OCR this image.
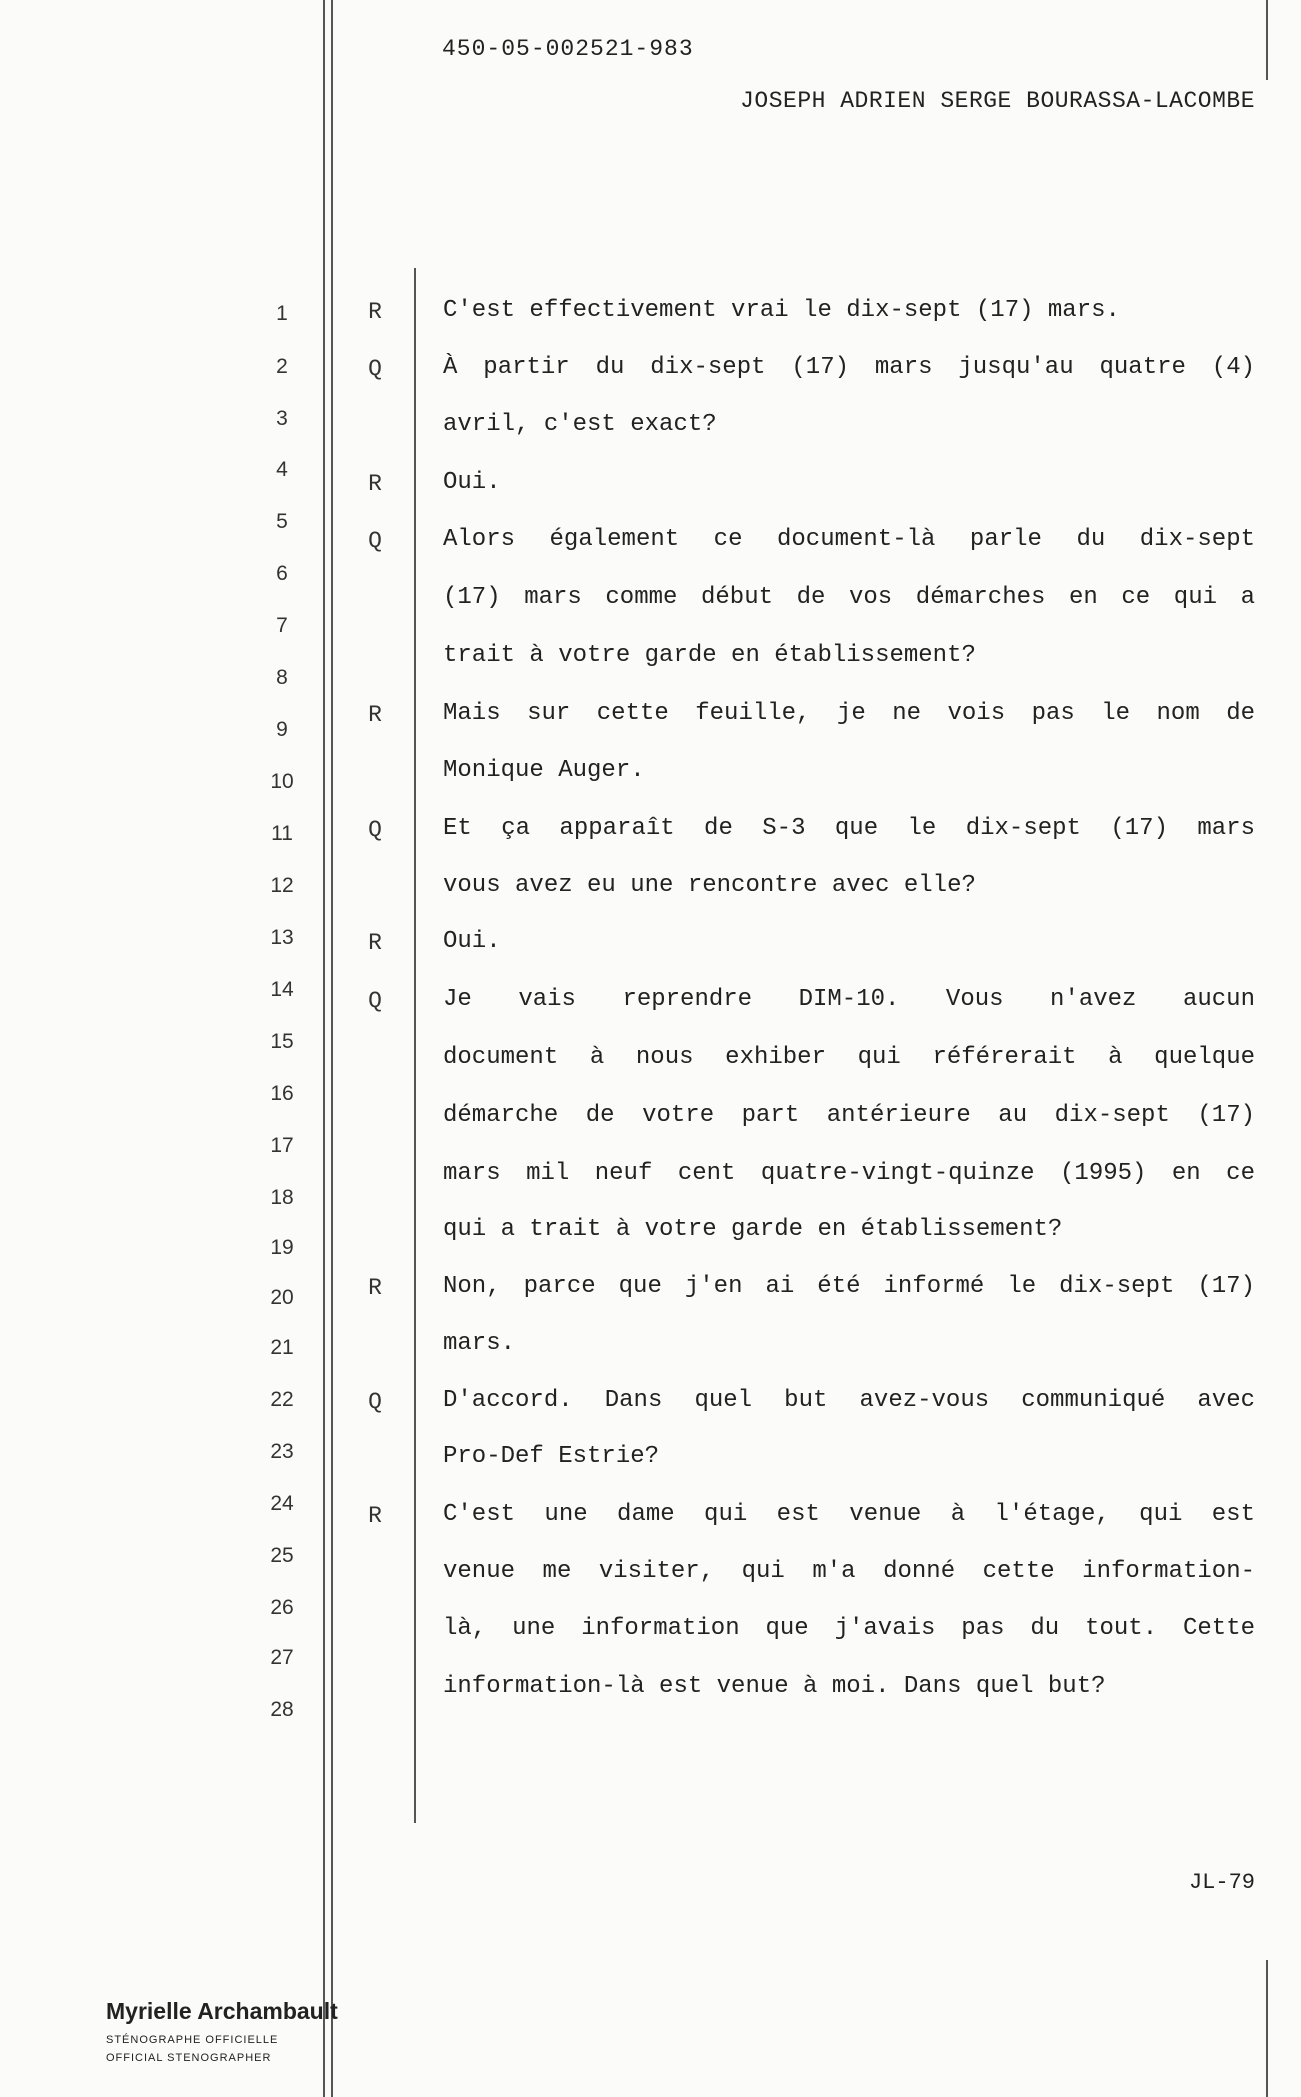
450-05-002521-983
JOSEPH ADRIEN SERGE BOURASSA-LACOMBE
1
2
3
4
5
6
7
8
9
10
11
12
13
14
15
16
17
18
19
20
21
22
23
24
25
26
27
28
R
Q
R
Q
R
Q
R
Q
R
Q
R
C'est effectivement vrai le dix-sept (17) mars.
À partir du dix-sept (17) mars jusqu'au quatre (4)
avril, c'est exact?
Oui.
Alors également ce document-là parle du dix-sept
(17) mars comme début de vos démarches en ce qui a
trait à votre garde en établissement?
Mais sur cette feuille, je ne vois pas le nom de
Monique Auger.
Et ça apparaît de S-3 que le dix-sept (17) mars
vous avez eu une rencontre avec elle?
Oui.
Je vais reprendre DIM-10. Vous n'avez aucun
document à nous exhiber qui référerait à quelque
démarche de votre part antérieure au dix-sept (17)
mars mil neuf cent quatre-vingt-quinze (1995) en ce
qui a trait à votre garde en établissement?
Non, parce que j'en ai été informé le dix-sept (17)
mars.
D'accord. Dans quel but avez-vous communiqué avec
Pro-Def Estrie?
C'est une dame qui est venue à l'étage, qui est
venue me visiter, qui m'a donné cette information-
là, une information que j'avais pas du tout. Cette
information-là est venue à moi. Dans quel but?
JL-79
Myrielle Archambault
STÉNOGRAPHE OFFICIELLE
OFFICIAL STENOGRAPHER
